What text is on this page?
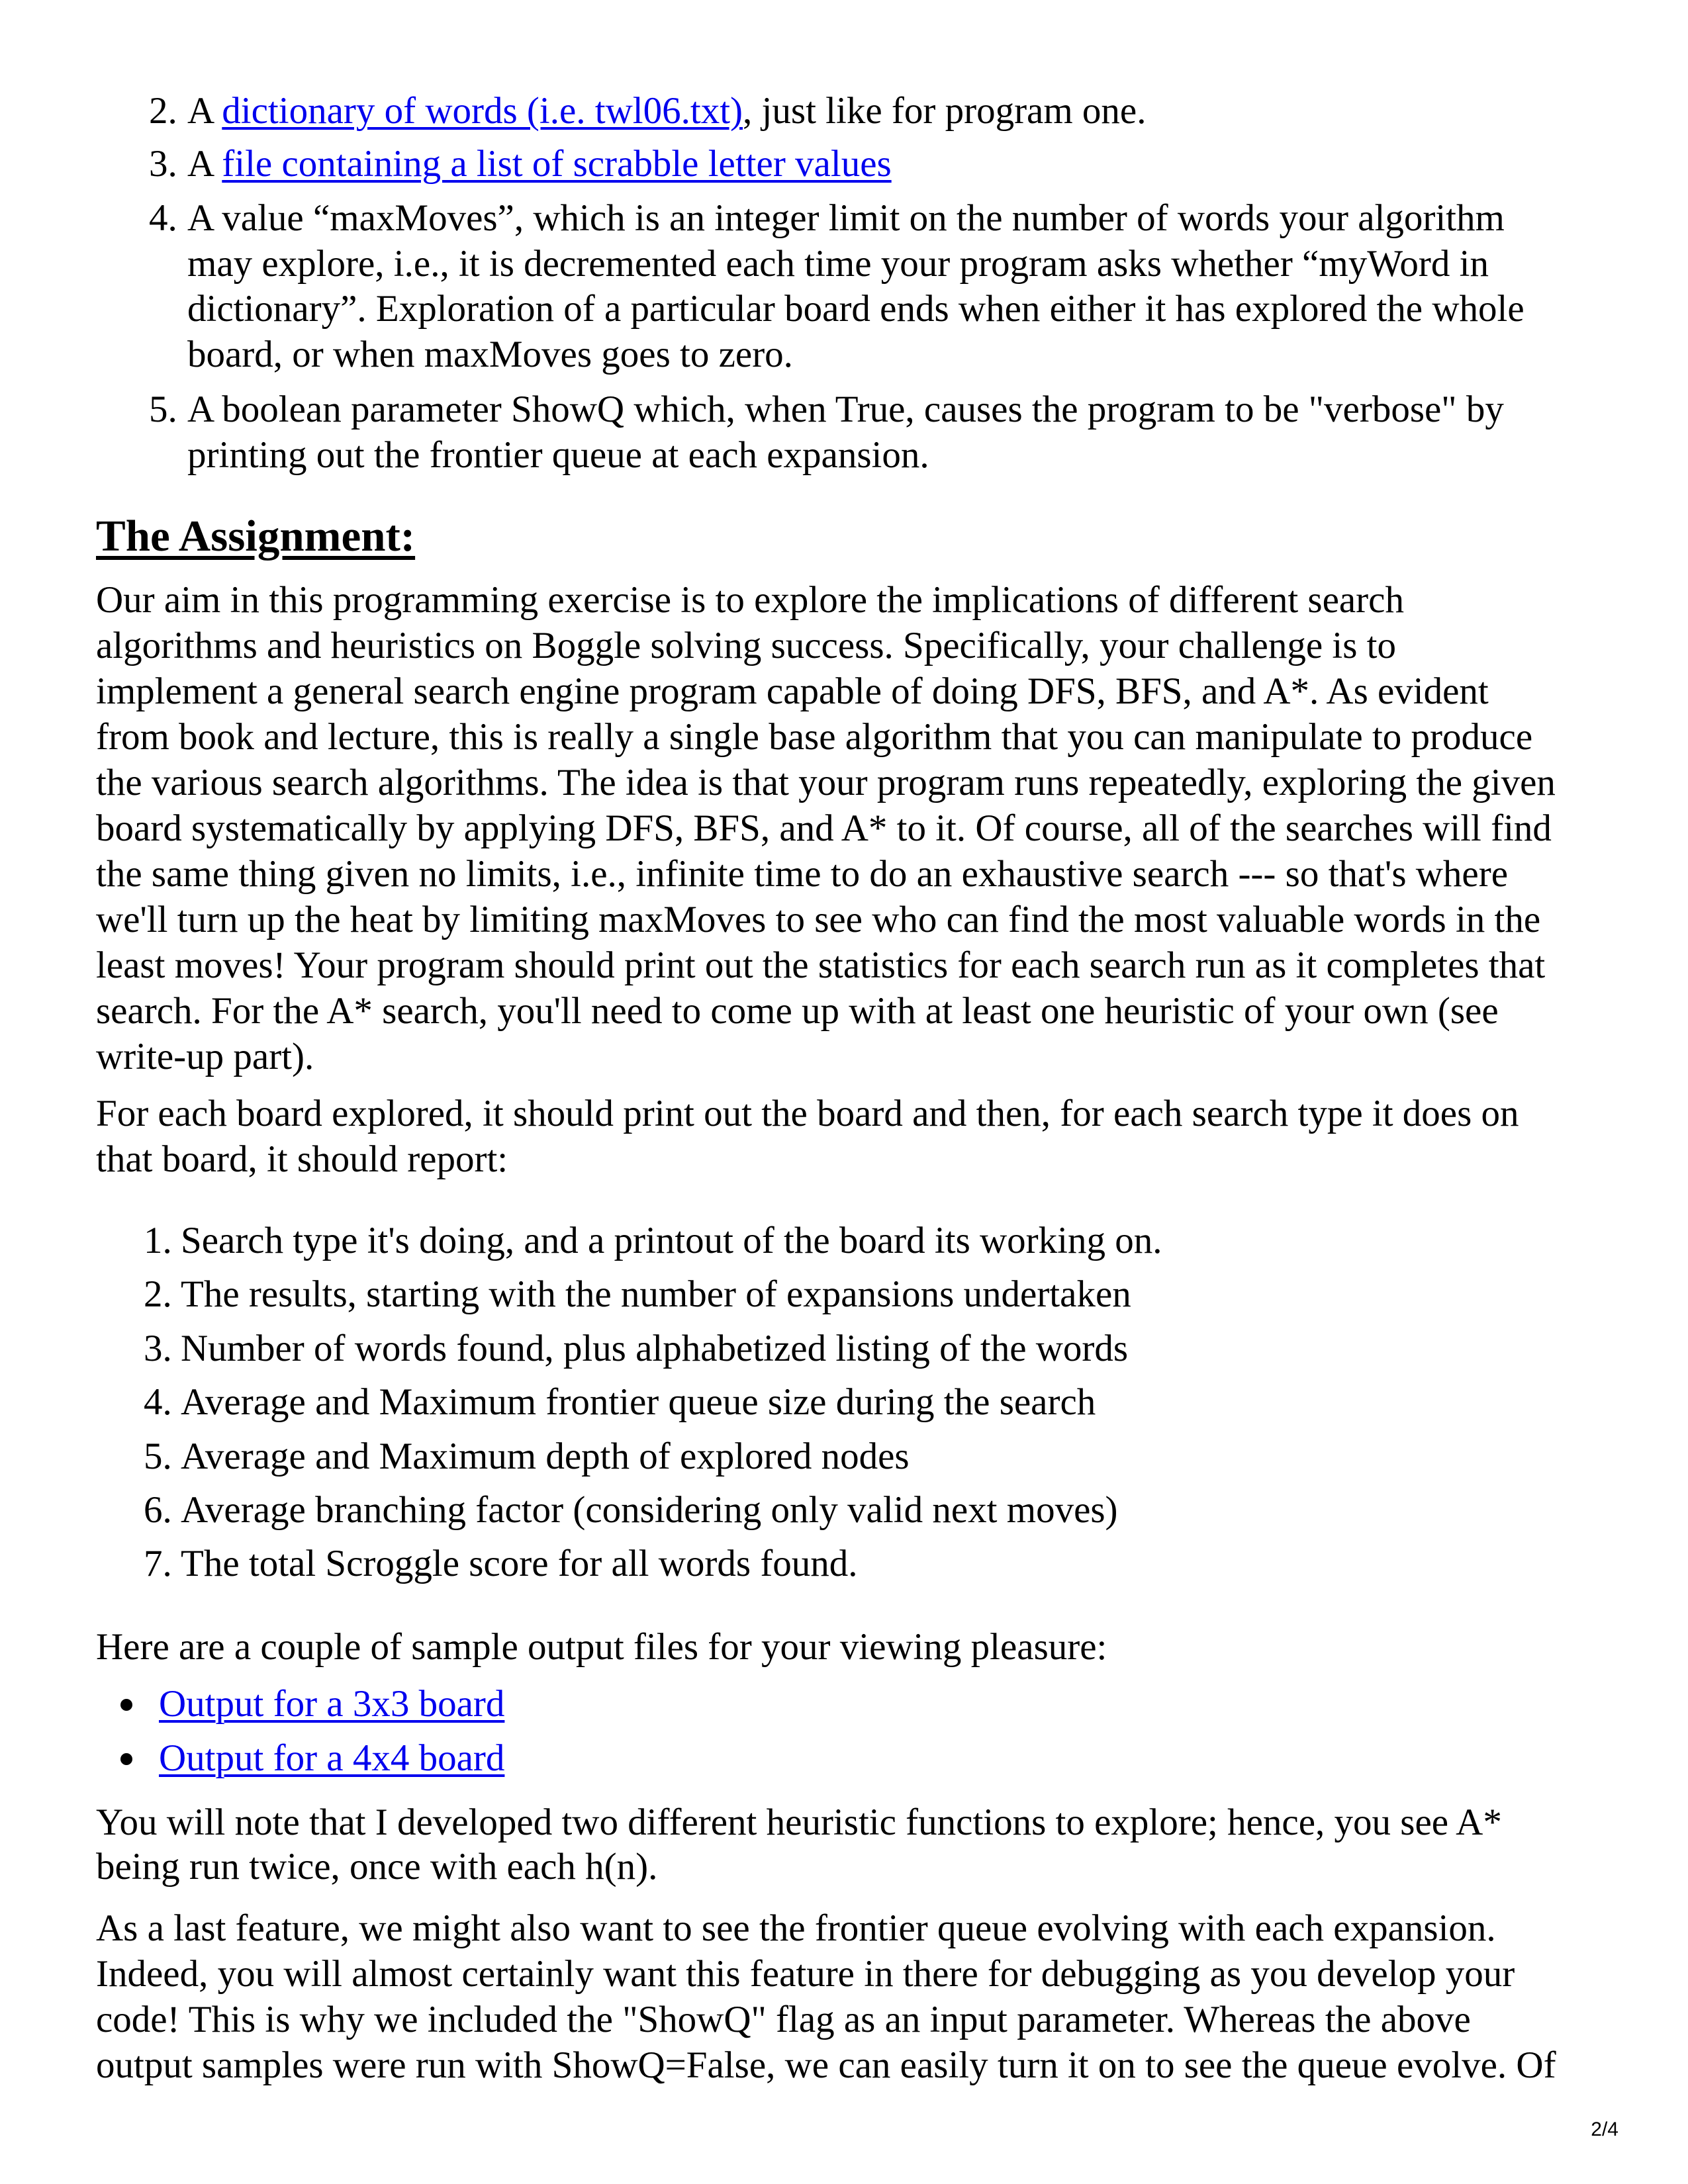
2. A dictionary of words (i.e. twl06.txt), just like for program one.
3. A file containing a list of scrabble letter values
4. A value “maxMoves”, which is an integer limit on the number of words your algorithm
may explore, i.e., it is decremented each time your program asks whether “myWord in
dictionary”. Exploration of a particular board ends when either it has explored the whole
board, or when maxMoves goes to zero.
5. A boolean parameter ShowQ which, when True, causes the program to be "verbose" by
printing out the frontier queue at each expansion.
The Assignment:
Our aim in this programming exercise is to explore the implications of different search
algorithms and heuristics on Boggle solving success. Specifically, your challenge is to
implement a general search engine program capable of doing DFS, BFS, and A*. As evident
from book and lecture, this is really a single base algorithm that you can manipulate to produce
the various search algorithms. The idea is that your program runs repeatedly, exploring the given
board systematically by applying DFS, BFS, and A* to it. Of course, all of the searches will find
the same thing given no limits, i.e., infinite time to do an exhaustive search --- so that's where
we'll turn up the heat by limiting maxMoves to see who can find the most valuable words in the
least moves! Your program should print out the statistics for each search run as it completes that
search. For the A* search, you'll need to come up with at least one heuristic of your own (see
write-up part).
For each board explored, it should print out the board and then, for each search type it does on
that board, it should report:
1. Search type it's doing, and a printout of the board its working on.
2. The results, starting with the number of expansions undertaken
3. Number of words found, plus alphabetized listing of the words
4. Average and Maximum frontier queue size during the search
5. Average and Maximum depth of explored nodes
6. Average branching factor (considering only valid next moves)
7. The total Scroggle score for all words found.
Here are a couple of sample output files for your viewing pleasure:
Output for a 3x3 board
Output for a 4x4 board
You will note that I developed two different heuristic functions to explore; hence, you see A*
being run twice, once with each h(n).
As a last feature, we might also want to see the frontier queue evolving with each expansion.
Indeed, you will almost certainly want this feature in there for debugging as you develop your
code! This is why we included the "ShowQ" flag as an input parameter. Whereas the above
output samples were run with ShowQ=False, we can easily turn it on to see the queue evolve. Of
2/4
